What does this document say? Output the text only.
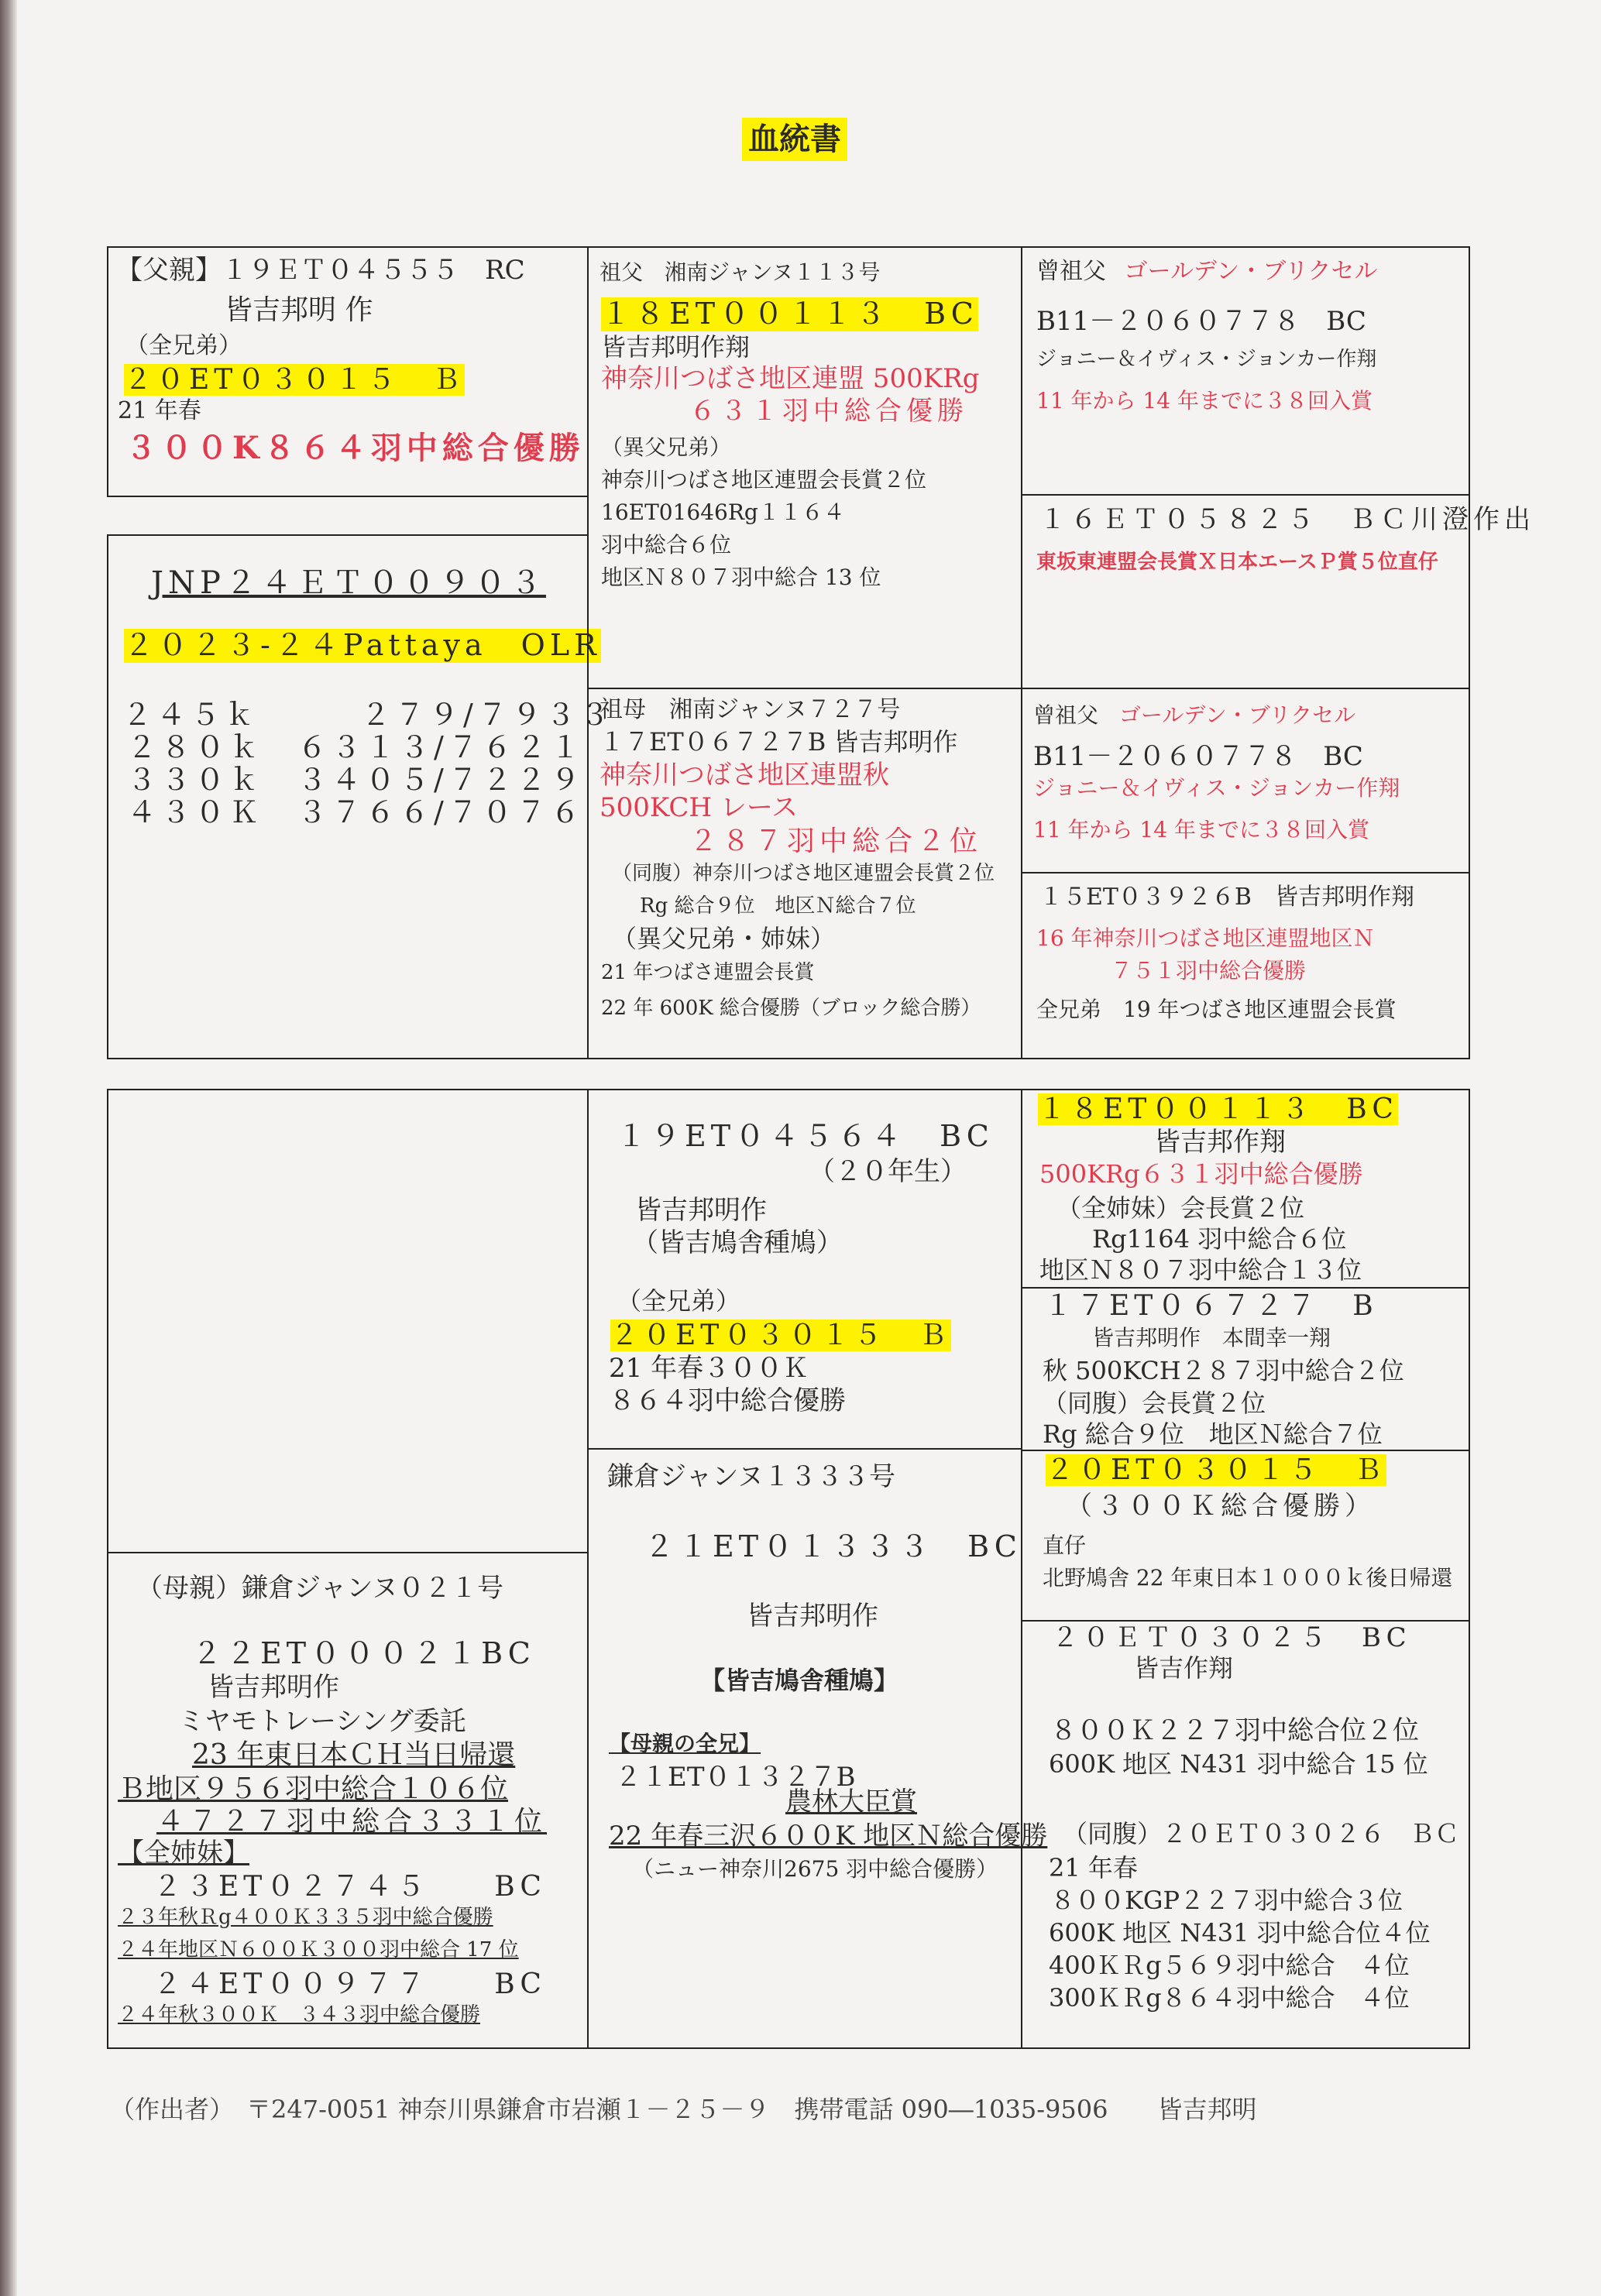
血統書
【父親】１９ＥＴ０４５５５　RC
皆吉邦明 作
（全兄弟）
２０ET０３０１５　Ｂ
21 年春
３００K８６４羽中総合優勝
JNP２４ＥＴ００９０３
２０２３-２４Pattaya　OLR
２４５ｋ　　　２７９/７９３３
２８０ｋ　６３１３/７６２１
３３０ｋ　３４０５/７２２９
４３０Ｋ　３７６６/７０７６
祖父　湘南ジャンヌ１１３号
１８ET００１１３　BC
皆吉邦明作翔
神奈川つばさ地区連盟 500KRg
６３１羽中総合優勝
（異父兄弟）
神奈川つばさ地区連盟会長賞２位
16ET01646Rg１１６４
羽中総合６位
地区Ｎ８０７羽中総合 13 位
祖母　湘南ジャンヌ７２７号
１７ET０６７２７B 皆吉邦明作
神奈川つばさ地区連盟秋
500KCH レース
２８７羽中総合２位
（同腹）神奈川つばさ地区連盟会長賞２位
Rg 総合９位　地区Ｎ総合７位
（異父兄弟・姉妹）
21 年つばさ連盟会長賞
22 年 600K 総合優勝（ブロック総合勝）
曾祖父 ゴールデン・ブリクセル
B11－２０６０７７８　BC
ジョニー＆イヴィス・ジョンカー作翔
11 年から 14 年までに３８回入賞
１６ＥＴ０５８２５　ＢＣ川澄作出
東坂東連盟会長賞Ｘ日本エースＰ賞５位直仔
曾祖父 ゴールデン・ブリクセル
B11－２０６０７７８　BC
ジョニー＆イヴィス・ジョンカー作翔
11 年から 14 年までに３８回入賞
１５ET０３９２６B　皆吉邦明作翔
16 年神奈川つばさ地区連盟地区Ｎ
７５１羽中総合優勝
全兄弟　19 年つばさ地区連盟会長賞
（母親）鎌倉ジャンヌ０２１号
２２ET０００２１BC
皆吉邦明作
ミヤモトレーシング委託
23 年東日本ＣＨ当日帰還
Ｂ地区９５６羽中総合１０６位
４７２７羽中総合３３１位
【全姉妹】
２３ET０２７４５　　BC
２３年秋Ｒg４００Ｋ３３５羽中総合優勝
２４年地区Ｎ６００Ｋ３００羽中総合 17 位
２４ET００９７７　　BC
２４年秋３００Ｋ　３４３羽中総合優勝
１９ET０４５６４　BC
（２０年生）
皆吉邦明作
（皆吉鳩舎種鳩）
（全兄弟）
２０ET０３０１５　Ｂ
21 年春３００Ｋ
８６４羽中総合優勝
鎌倉ジャンヌ１３３３号
２１ET０１３３３　BC
皆吉邦明作
【皆吉鳩舎種鳩】
【母親の全兄】
２１ET０１３２７B
農林大臣賞
22 年春三沢６００K 地区Ｎ総合優勝
（ニュー神奈川2675 羽中総合優勝）
１８ET００１１３　BC
皆吉邦作翔
500KRg６３１羽中総合優勝
（全姉妹）会長賞２位
Rg1164 羽中総合６位
地区Ｎ８０７羽中総合１３位
１７ET０６７２７　B
皆吉邦明作　本間幸一翔
秋 500KCH２８７羽中総合２位
（同腹）会長賞２位
Rg 総合９位　地区Ｎ総合７位
２０ET０３０１５　Ｂ
（３００Ｋ総合優勝）
直仔
北野鳩舎 22 年東日本１０００ｋ後日帰還
２０ＥＴ０３０２５　BC
皆吉作翔
８００Ｋ２２７羽中総合位２位
600K 地区 N431 羽中総合 15 位
（同腹）２０ＥＴ０３０２６　ＢＣ
21 年春
８００KGP２２７羽中総合３位
600K 地区 N431 羽中総合位４位
400ＫＲg５６９羽中総合　４位
300ＫＲg８６４羽中総合　４位
（作出者）　〒247-0051 神奈川県鎌倉市岩瀬１－２５－９　携帯電話 090―1035-9506　　皆吉邦明
